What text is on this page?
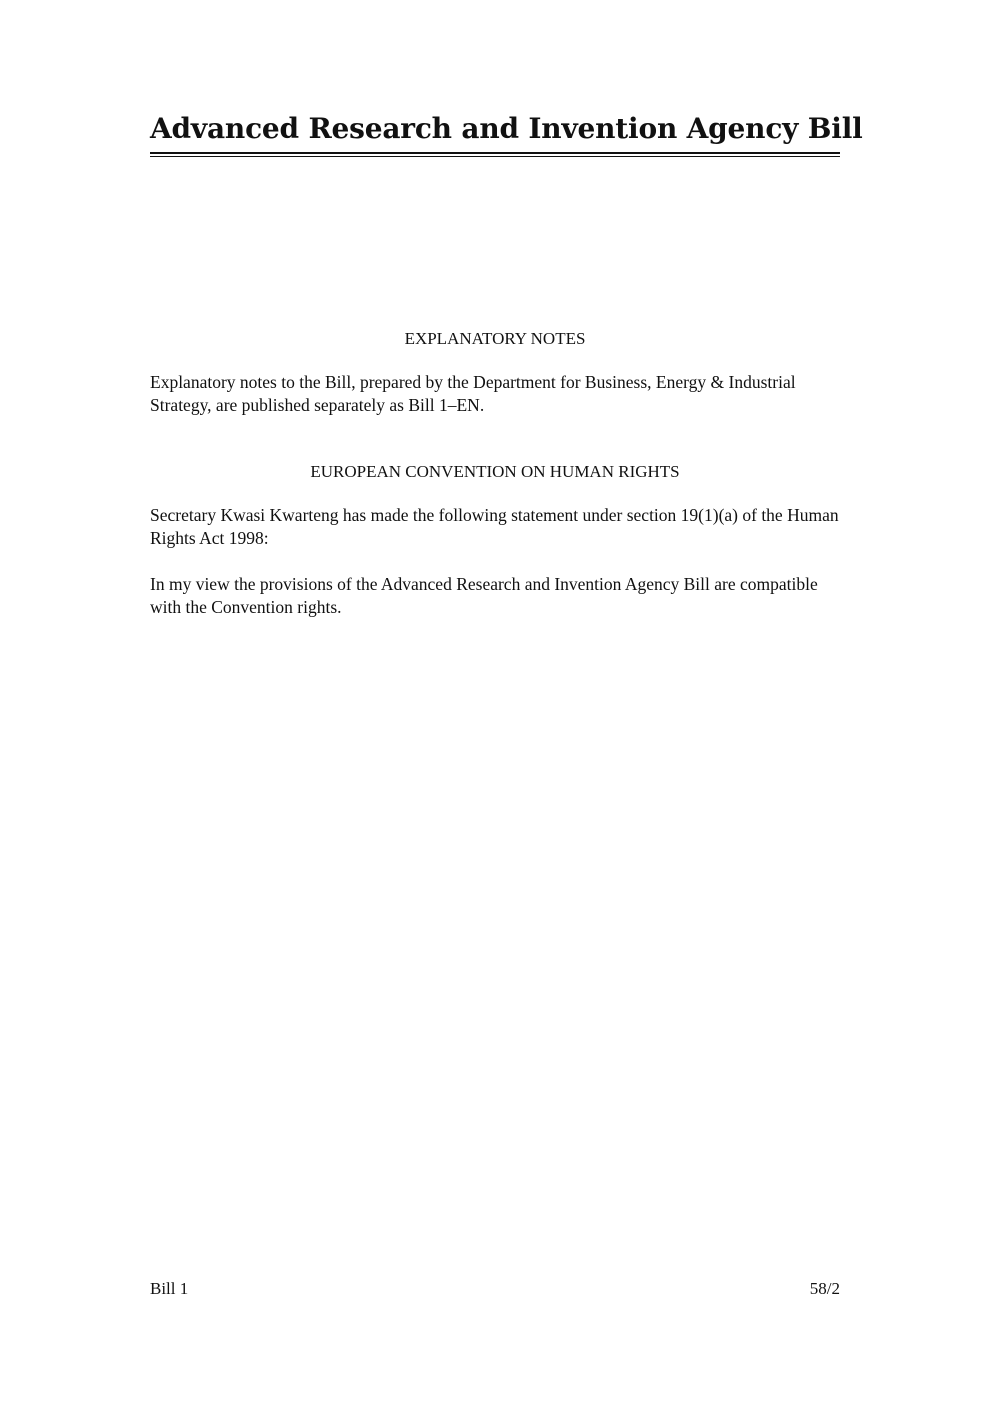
Advanced Research and Invention Agency Bill
EXPLANATORY NOTES

Explanatory notes to the Bill, prepared by the Department for Business, Energy & Industrial Strategy, are published separately as Bill 1–EN.

EUROPEAN CONVENTION ON HUMAN RIGHTS

Secretary Kwasi Kwarteng has made the following statement under section 19(1)(a) of the Human Rights Act 1998:

In my view the provisions of the Advanced Research and Invention Agency Bill are compatible with the Convention rights.

Bill 1	58/2
